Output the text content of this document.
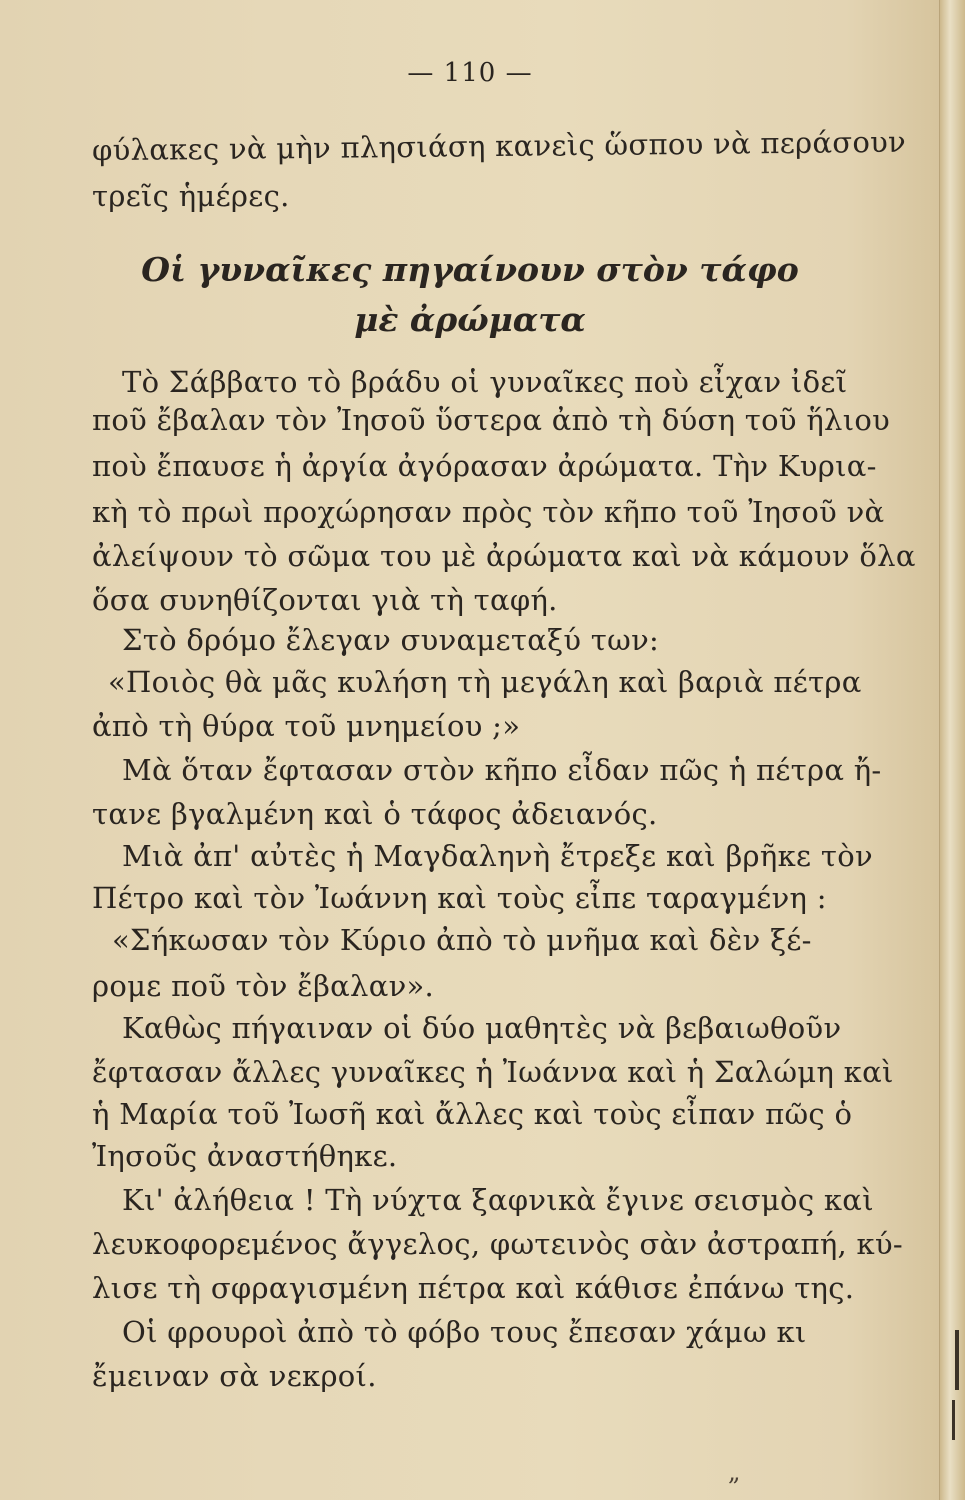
— 110 —
φύλακες νὰ μὴν πλησιάση κανεὶς ὥσπου νὰ περάσουν
τρεῖς ἡμέρες.
Οἱ γυναῖκες πηγαίνουν στὸν τάφο
μὲ ἀρώματα
Τὸ Σάββατο τὸ βράδυ οἱ γυναῖκες ποὺ εἶχαν ἰδεῖ
ποῦ ἔβαλαν τὸν Ἰησοῦ ὕστερα ἀπὸ τὴ δύση τοῦ ἥλιου
ποὺ ἔπαυσε ἡ ἀργία ἀγόρασαν ἀρώματα. Τὴν Κυρια-
κὴ τὸ πρωὶ προχώρησαν πρὸς τὸν κῆπο τοῦ Ἰησοῦ νὰ
ἀλείψουν τὸ σῶμα του μὲ ἀρώματα καὶ νὰ κάμουν ὅλα
ὅσα συνηθίζονται γιὰ τὴ ταφή.
Στὸ δρόμο ἔλεγαν συναμεταξύ των:
«Ποιὸς θὰ μᾶς κυλήση τὴ μεγάλη καὶ βαριὰ πέτρα
ἀπὸ τὴ θύρα τοῦ μνημείου ;»
Μὰ ὅταν ἔφτασαν στὸν κῆπο εἶδαν πῶς ἡ πέτρα ἤ-
τανε βγαλμένη καὶ ὁ τάφος ἀδειανός.
Μιὰ ἀπ' αὐτὲς ἡ Μαγδαληνὴ ἔτρεξε καὶ βρῆκε τὸν
Πέτρο καὶ τὸν Ἰωάννη καὶ τοὺς εἶπε ταραγμένη :
«Σήκωσαν τὸν Κύριο ἀπὸ τὸ μνῆμα καὶ δὲν ξέ-
ρομε ποῦ τὸν ἔβαλαν».
Καθὼς πήγαιναν οἱ δύο μαθητὲς νὰ βεβαιωθοῦν
ἔφτασαν ἄλλες γυναῖκες ἡ Ἰωάννα καὶ ἡ Σαλώμη καὶ
ἡ Μαρία τοῦ Ἰωσῆ καὶ ἄλλες καὶ τοὺς εἶπαν πῶς ὁ
Ἰησοῦς ἀναστήθηκε.
Κι' ἀλήθεια ! Τὴ νύχτα ξαφνικὰ ἔγινε σεισμὸς καὶ
λευκοφορεμένος ἄγγελος, φωτεινὸς σὰν ἀστραπή, κύ-
λισε τὴ σφραγισμένη πέτρα καὶ κάθισε ἐπάνω της.
Οἱ φρουροὶ ἀπὸ τὸ φόβο τους ἔπεσαν χάμω κι
ἔμειναν σὰ νεκροί.
„
